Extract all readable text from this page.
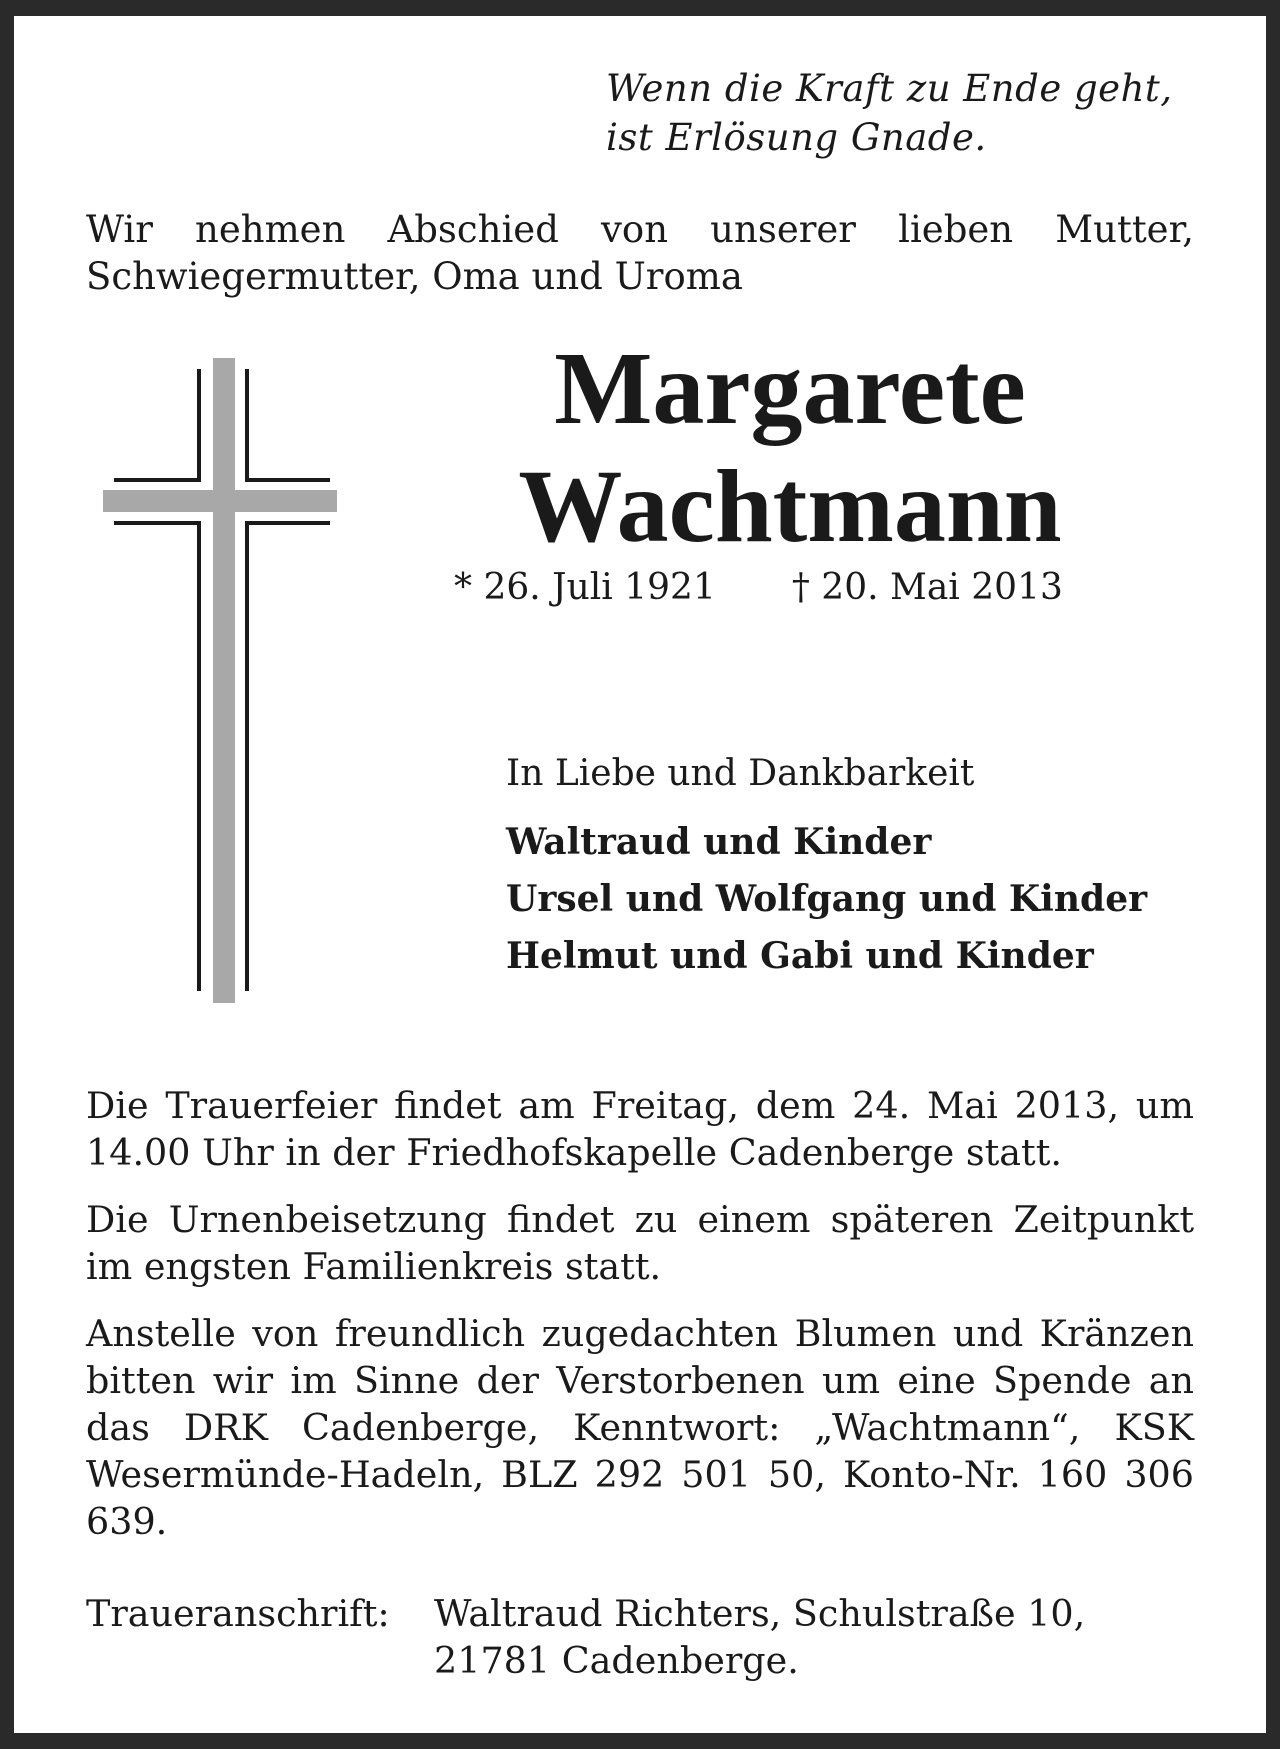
Wenn die Kraft zu Ende geht,
ist Erlösung Gnade.
Wir nehmen Abschied von unserer lieben Mutter,
Schwiegermutter, Oma und Uroma
Margarete
Wachtmann
* 26. Juli 1921 † 20. Mai 2013
In Liebe und Dankbarkeit
Waltraud und Kinder
Ursel und Wolfgang und Kinder
Helmut und Gabi und Kinder

Die Trauerfeier findet am Freitag, dem 24. Mai 2013, um 14.00 Uhr in der Friedhofskapelle Cadenberge statt.

Die Urnenbeisetzung findet zu einem späteren Zeitpunkt im engsten Familienkreis statt.

Anstelle von freundlich zugedachten Blumen und Kränzen bitten wir im Sinne der Verstorbenen um eine Spende an das DRK Cadenberge, Kenntwort: „Wachtmann“, KSK Wesermünde-Hadeln, BLZ 292 501 50, Konto-Nr. 160 306 639.

Traueranschrift:	Waltraud Richters, Schulstraße 10,
21781 Cadenberge.
